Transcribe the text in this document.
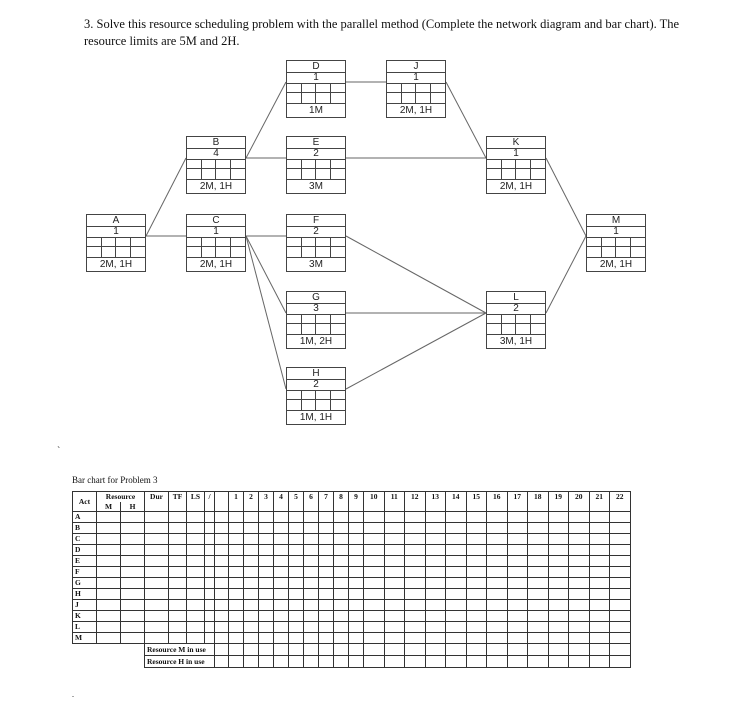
3. Solve this resource scheduling problem with the parallel method (Complete the network diagram and bar chart). The resource limits are 5M and 2H.

A
1
2M, 1H
B
4
2M, 1H
C
1
2M, 1H
D
1
1M
E
2
3M
F
2
3M
G
3
1M, 2H
H
2
1M, 1H
J
1
2M, 1H
K
1
2M, 1H
L
2
3M, 1H
M
1
2M, 1H
`
Bar chart for Problem 3
Act	Resource		Dur	TF	LS	/		1	2	3	4	5	6	7	8	9	10	11	12	13	14	15	16	17	18	19	20	21	22
	M	H																											
A																													
B																													
C																													
D																													
E																													
F																													
G																													
H																													
J																													
K																													
L																													
M																													
			Resource M in use																										
			Resource H in use																										
.
